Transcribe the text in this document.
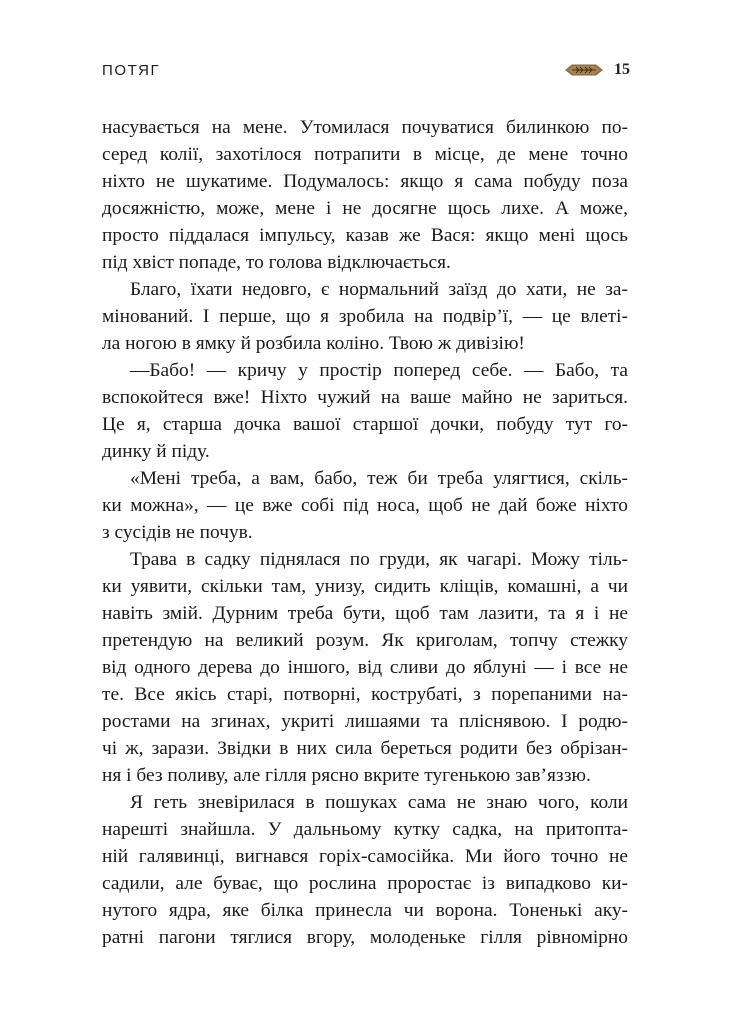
ПОТЯГ	15
насувається на мене. Утомилася почуватися билинкою по-
серед колії, захотілося потрапити в місце, де мене точно
ніхто не шукатиме. Подумалось: якщо я сама побуду поза
досяжністю, може, мене і не досягне щось лихе. А може,
просто піддалася імпульсу, казав же Вася: якщо мені щось
під хвіст попаде, то голова відключається.
Благо, їхати недовго, є нормальний заїзд до хати, не за-
мінований. І перше, що я зробила на подвір’ї, — це влеті-
ла ногою в ямку й розбила коліно. Твою ж дивізію!
—Бабо! — кричу у простір поперед себе. — Бабо, та
вспокойтеся вже! Ніхто чужий на ваше майно не зариться.
Це я, старша дочка вашої старшої дочки, побуду тут го-
динку й піду.
«Мені треба, а вам, бабо, теж би треба улягтися, скіль-
ки можна», — це вже собі під носа, щоб не дай боже ніхто
з сусідів не почув.
Трава в садку піднялася по груди, як чагарі. Можу тіль-
ки уявити, скільки там, унизу, сидить кліщів, комашні, а чи
навіть змій. Дурним треба бути, щоб там лазити, та я і не
претендую на великий розум. Як криголам, топчу стежку
від одного дерева до іншого, від сливи до яблуні — і все не
те. Все якісь старі, потворні, кострубаті, з порепаними на-
ростами на згинах, укриті лишаями та пліснявою. І родю-
чі ж, зарази. Звідки в них сила береться родити без обрізан-
ня і без поливу, але гілля рясно вкрите тугенькою зав’яззю.
Я геть зневірилася в пошуках сама не знаю чого, коли
нарешті знайшла. У дальньому кутку садка, на притоптa-
ній галявинці, вигнався горіх-самосійка. Ми його точно не
садили, але буває, що рослина проростає із випадково ки-
нутого ядра, яке білка принесла чи ворона. Тоненькі аку-
ратні пагони тяглися вгору, молоденьке гілля рівномірно
